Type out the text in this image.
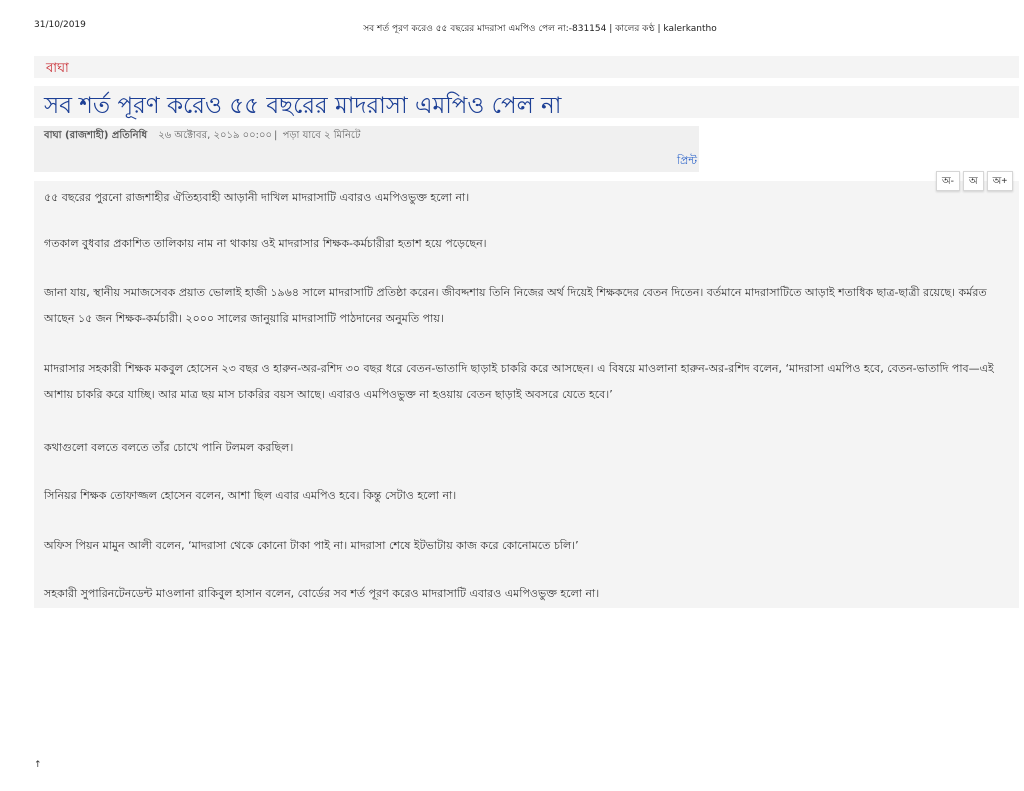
31/10/2019	সব শর্ত পূরণ করেও ৫৫ বছরের মাদরাসা এমপিও পেল না:-831154 | কালের কণ্ঠ | kalerkantho
বাঘা
সব শর্ত পূরণ করেও ৫৫ বছরের মাদরাসা এমপিও পেল না
বাঘা (রাজশাহী) প্রতিনিধি ২৬ অক্টোবর, ২০১৯ ০০:০০ | পড়া যাবে ২ মিনিটে
প্রিন্ট

৫৫ বছরের পুরনো রাজশাহীর ঐতিহ্যবাহী আড়ানী দাখিল মাদরাসাটি এবারও এমপিওভুক্ত হলো না।

গতকাল বুধবার প্রকাশিত তালিকায় নাম না থাকায় ওই মাদরাসার শিক্ষক-কর্মচারীরা হতাশ হয়ে পড়েছেন।

জানা যায়, স্থানীয় সমাজসেবক প্রয়াত ভোলাই হাজী ১৯৬৪ সালে মাদরাসাটি প্রতিষ্ঠা করেন। জীবদ্দশায় তিনি নিজের অর্থ দিয়েই শিক্ষকদের বেতন দিতেন। বর্তমানে মাদরাসাটিতে আড়াই শতাধিক ছাত্র-ছাত্রী রয়েছে। কর্মরত আছেন ১৫ জন শিক্ষক-কর্মচারী। ২০০০ সালের জানুয়ারি মাদরাসাটি পাঠদানের অনুমতি পায়।

মাদরাসার সহকারী শিক্ষক মকবুল হোসেন ২৩ বছর ও হারুন-অর-রশিদ ৩০ বছর ধরে বেতন-ভাতাদি ছাড়াই চাকরি করে আসছেন। এ বিষয়ে মাওলানা হারুন-অর-রশিদ বলেন, ‘মাদরাসা এমপিও হবে, বেতন-ভাতাদি পাব—এই আশায় চাকরি করে যাচ্ছি। আর মাত্র ছয় মাস চাকরির বয়স আছে। এবারও এমপিওভুক্ত না হওয়ায় বেতন ছাড়াই অবসরে যেতে হবে।’

কথাগুলো বলতে বলতে তাঁর চোখে পানি টলমল করছিল।

সিনিয়র শিক্ষক তোফাজ্জল হোসেন বলেন, আশা ছিল এবার এমপিও হবে। কিন্তু সেটাও হলো না।

অফিস পিয়ন মামুন আলী বলেন, ‘মাদরাসা থেকে কোনো টাকা পাই না। মাদরাসা শেষে ইটভাটায় কাজ করে কোনোমতে চলি।’

সহকারী সুপারিনটেনডেন্ট মাওলানা রাকিবুল হাসান বলেন, বোর্ডের সব শর্ত পূরণ করেও মাদরাসাটি এবারও এমপিওভুক্ত হলো না।

অ-	অ	অ+
↑
